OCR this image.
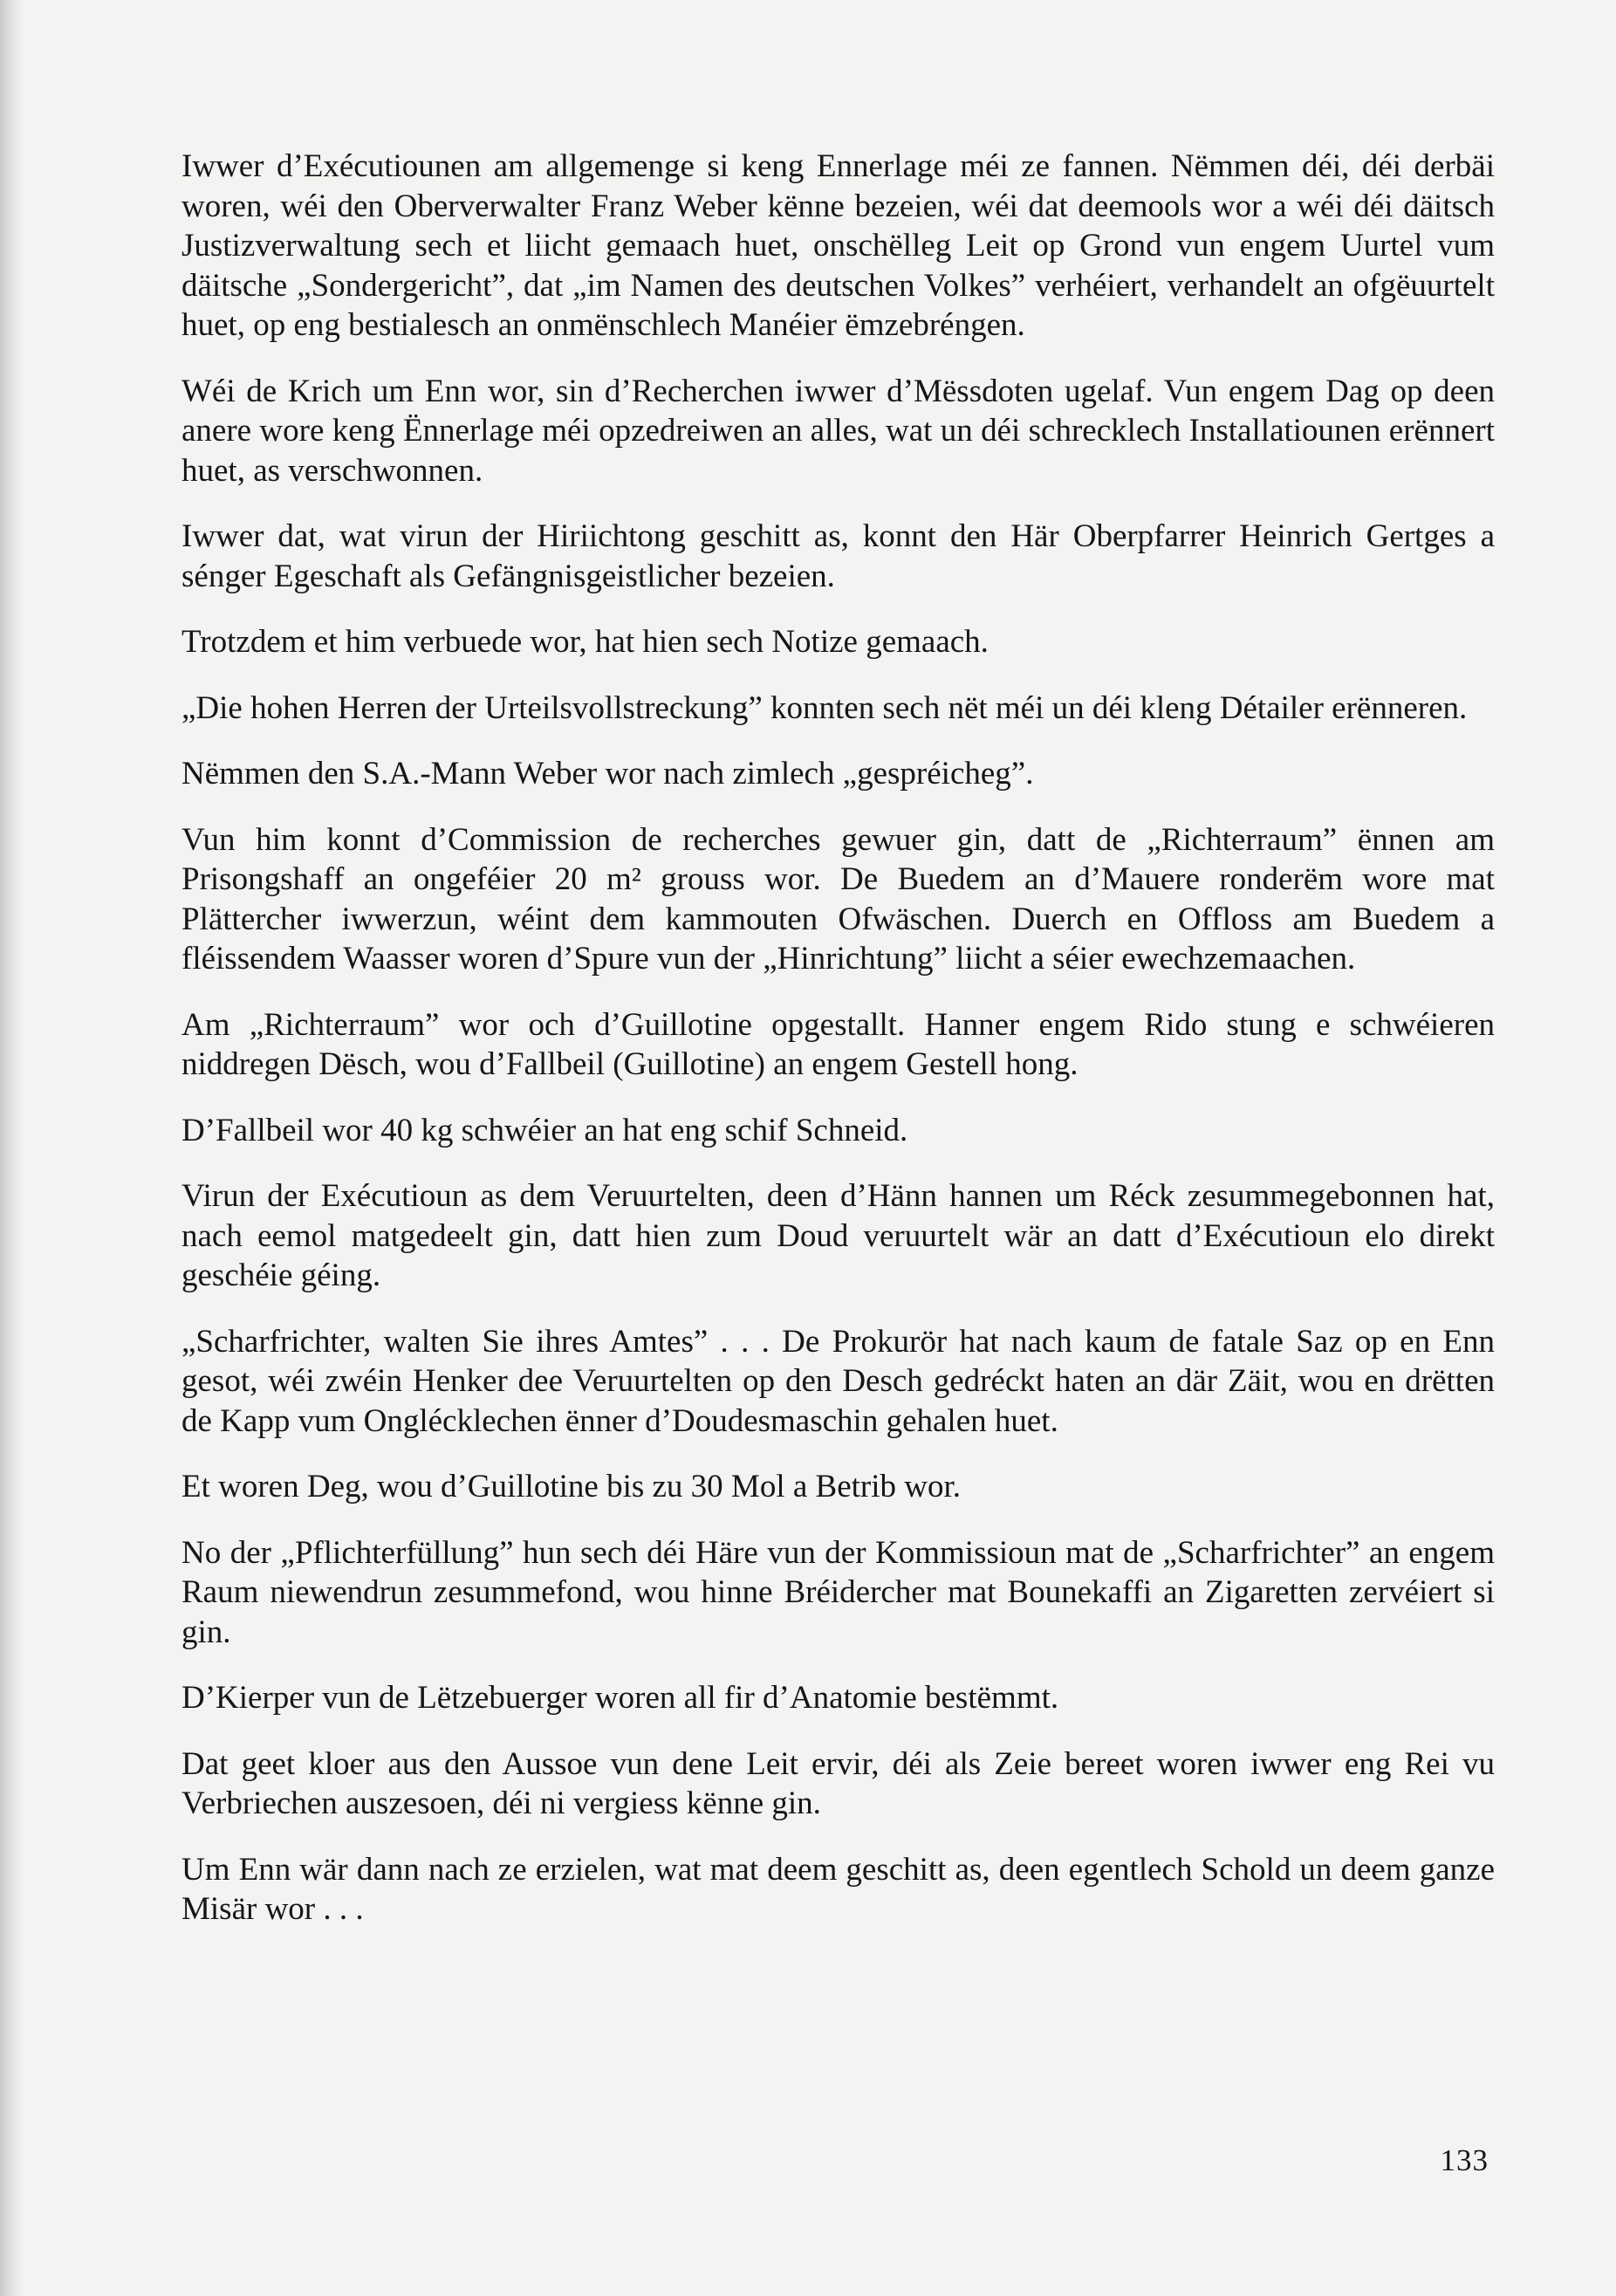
Iwwer d’Exécutiounen am allgemenge si keng Ennerlage méi ze fannen. Nëmmen déi, déi derbäi woren, wéi den Oberverwalter Franz Weber kënne bezeien, wéi dat deemools wor a wéi déi däitsch Justizverwaltung sech et liicht gemaach huet, onschëlleg Leit op Grond vun engem Uurtel vum däitsche „Sondergericht”, dat „im Namen des deutschen Volkes” verhéiert, verhandelt an ofgëuurtelt huet, op eng bestialesch an onmënschlech Manéier ëmzebréngen.

Wéi de Krich um Enn wor, sin d’Recherchen iwwer d’Mëssdoten ugelaf. Vun engem Dag op deen anere wore keng Ënnerlage méi opzedreiwen an alles, wat un déi schrecklech Installatiounen erënnert huet, as verschwonnen.

Iwwer dat, wat virun der Hiriichtong geschitt as, konnt den Här Oberpfarrer Heinrich Gertges a sénger Egeschaft als Gefängnisgeistlicher bezeien.

Trotzdem et him verbuede wor, hat hien sech Notize gemaach.

„Die hohen Herren der Urteilsvollstreckung” konnten sech nët méi un déi kleng Détailer erënneren.

Nëmmen den S.A.-Mann Weber wor nach zimlech „gespréicheg”.

Vun him konnt d’Commission de recherches gewuer gin, datt de „Richterraum” ënnen am Prisongshaff an ongeféier 20 m² grouss wor. De Buedem an d’Mauere ronderëm wore mat Plättercher iwwerzun, wéint dem kammouten Ofwäschen. Duerch en Offloss am Buedem a fléissendem Waasser woren d’Spure vun der „Hinrichtung” liicht a séier ewechzemaachen.

Am „Richterraum” wor och d’Guillotine opgestallt. Hanner engem Rido stung e schwéieren niddregen Dësch, wou d’Fallbeil (Guillotine) an engem Gestell hong.

D’Fallbeil wor 40 kg schwéier an hat eng schif Schneid.

Virun der Exécutioun as dem Veruurtelten, deen d’Hänn hannen um Réck zesummegebonnen hat, nach eemol matgedeelt gin, datt hien zum Doud veruurtelt wär an datt d’Exécutioun elo direkt geschéie géing.

„Scharfrichter, walten Sie ihres Amtes” . . . De Prokurör hat nach kaum de fatale Saz op en Enn gesot, wéi zwéin Henker dee Veruurtelten op den Desch gedréckt haten an där Zäit, wou en drëtten de Kapp vum Onglécklechen ënner d’Doudesmaschin gehalen huet.

Et woren Deg, wou d’Guillotine bis zu 30 Mol a Betrib wor.

No der „Pflichterfüllung” hun sech déi Häre vun der Kommissioun mat de „Scharfrichter” an engem Raum niewendrun zesummefond, wou hinne Bréidercher mat Bounekaffi an Zigaretten zervéiert si gin.

D’Kierper vun de Lëtzebuerger woren all fir d’Anatomie bestëmmt.

Dat geet kloer aus den Aussoe vun dene Leit ervir, déi als Zeie bereet woren iwwer eng Rei vu Verbriechen auszesoen, déi ni vergiess kënne gin.

Um Enn wär dann nach ze erzielen, wat mat deem geschitt as, deen egentlech Schold un deem ganze Misär wor . . .

133
